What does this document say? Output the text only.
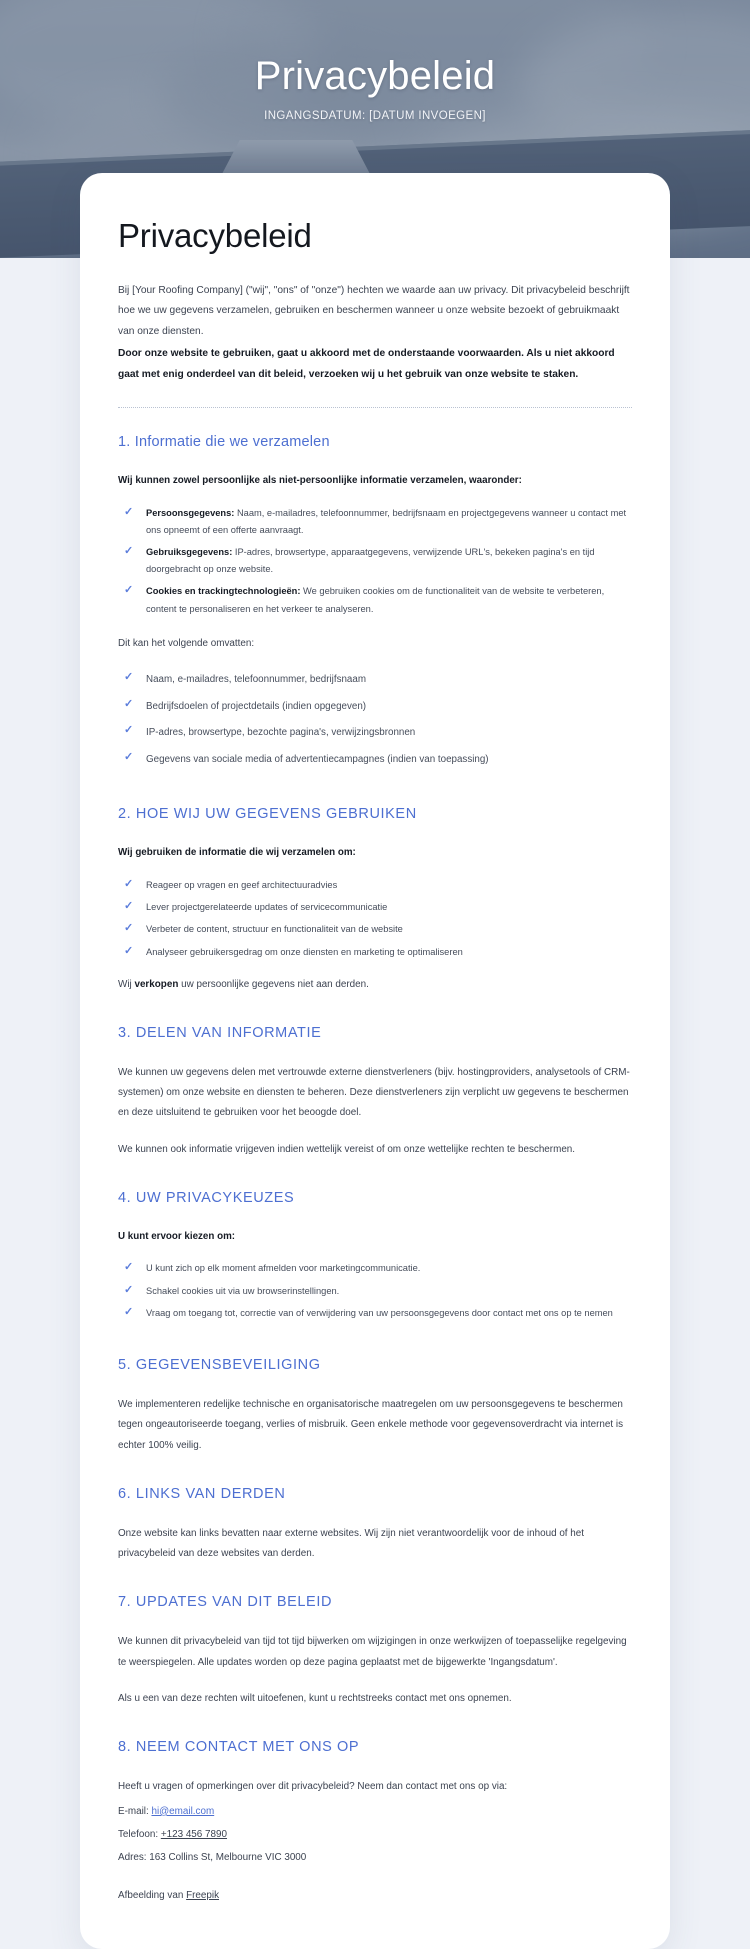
Privacybeleid
INGANGSDATUM: [DATUM INVOEGEN]
Privacybeleid

Bij [Your Roofing Company] ("wij", "ons" of "onze") hechten we waarde aan uw privacy. Dit privacybeleid beschrijft hoe we uw gegevens verzamelen, gebruiken en beschermen wanneer u onze website bezoekt of gebruikmaakt van onze diensten.

Door onze website te gebruiken, gaat u akkoord met de onderstaande voorwaarden. Als u niet akkoord gaat met enig onderdeel van dit beleid, verzoeken wij u het gebruik van onze website te staken.

1. Informatie die we verzamelen

Wij kunnen zowel persoonlijke als niet-persoonlijke informatie verzamelen, waaronder:

✓ Persoonsgegevens: Naam, e-mailadres, telefoonnummer, bedrijfsnaam en projectgegevens wanneer u contact met ons opneemt of een offerte aanvraagt.
✓ Gebruiksgegevens: IP-adres, browsertype, apparaatgegevens, verwijzende URL's, bekeken pagina's en tijd doorgebracht op onze website.
✓ Cookies en trackingtechnologieën: We gebruiken cookies om de functionaliteit van de website te verbeteren, content te personaliseren en het verkeer te analyseren.

Dit kan het volgende omvatten:

✓ Naam, e-mailadres, telefoonnummer, bedrijfsnaam
✓ Bedrijfsdoelen of projectdetails (indien opgegeven)
✓ IP-adres, browsertype, bezochte pagina's, verwijzingsbronnen
✓ Gegevens van sociale media of advertentiecampagnes (indien van toepassing)
2. HOE WIJ UW GEGEVENS GEBRUIKEN

Wij gebruiken de informatie die wij verzamelen om:

✓ Reageer op vragen en geef architectuuradvies
✓ Lever projectgerelateerde updates of servicecommunicatie
✓ Verbeter de content, structuur en functionaliteit van de website
✓ Analyseer gebruikersgedrag om onze diensten en marketing te optimaliseren

Wij verkopen uw persoonlijke gegevens niet aan derden.

3. DELEN VAN INFORMATIE

We kunnen uw gegevens delen met vertrouwde externe dienstverleners (bijv. hostingproviders, analysetools of CRM-systemen) om onze website en diensten te beheren. Deze dienstverleners zijn verplicht uw gegevens te beschermen en deze uitsluitend te gebruiken voor het beoogde doel.

We kunnen ook informatie vrijgeven indien wettelijk vereist of om onze wettelijke rechten te beschermen.

4. UW PRIVACYKEUZES

U kunt ervoor kiezen om:

✓ U kunt zich op elk moment afmelden voor marketingcommunicatie.
✓ Schakel cookies uit via uw browserinstellingen.
✓ Vraag om toegang tot, correctie van of verwijdering van uw persoonsgegevens door contact met ons op te nemen
5. GEGEVENSBEVEILIGING

We implementeren redelijke technische en organisatorische maatregelen om uw persoonsgegevens te beschermen tegen ongeautoriseerde toegang, verlies of misbruik. Geen enkele methode voor gegevensoverdracht via internet is echter 100% veilig.

6. LINKS VAN DERDEN

Onze website kan links bevatten naar externe websites. Wij zijn niet verantwoordelijk voor de inhoud of het privacybeleid van deze websites van derden.

7. UPDATES VAN DIT BELEID

We kunnen dit privacybeleid van tijd tot tijd bijwerken om wijzigingen in onze werkwijzen of toepasselijke regelgeving te weerspiegelen. Alle updates worden op deze pagina geplaatst met de bijgewerkte 'Ingangsdatum'.

Als u een van deze rechten wilt uitoefenen, kunt u rechtstreeks contact met ons opnemen.

8. NEEM CONTACT MET ONS OP

Heeft u vragen of opmerkingen over dit privacybeleid? Neem dan contact met ons op via:

E-mail: hi@email.com

Telefoon: +123 456 7890

Adres: 163 Collins St, Melbourne VIC 3000

Afbeelding van Freepik
